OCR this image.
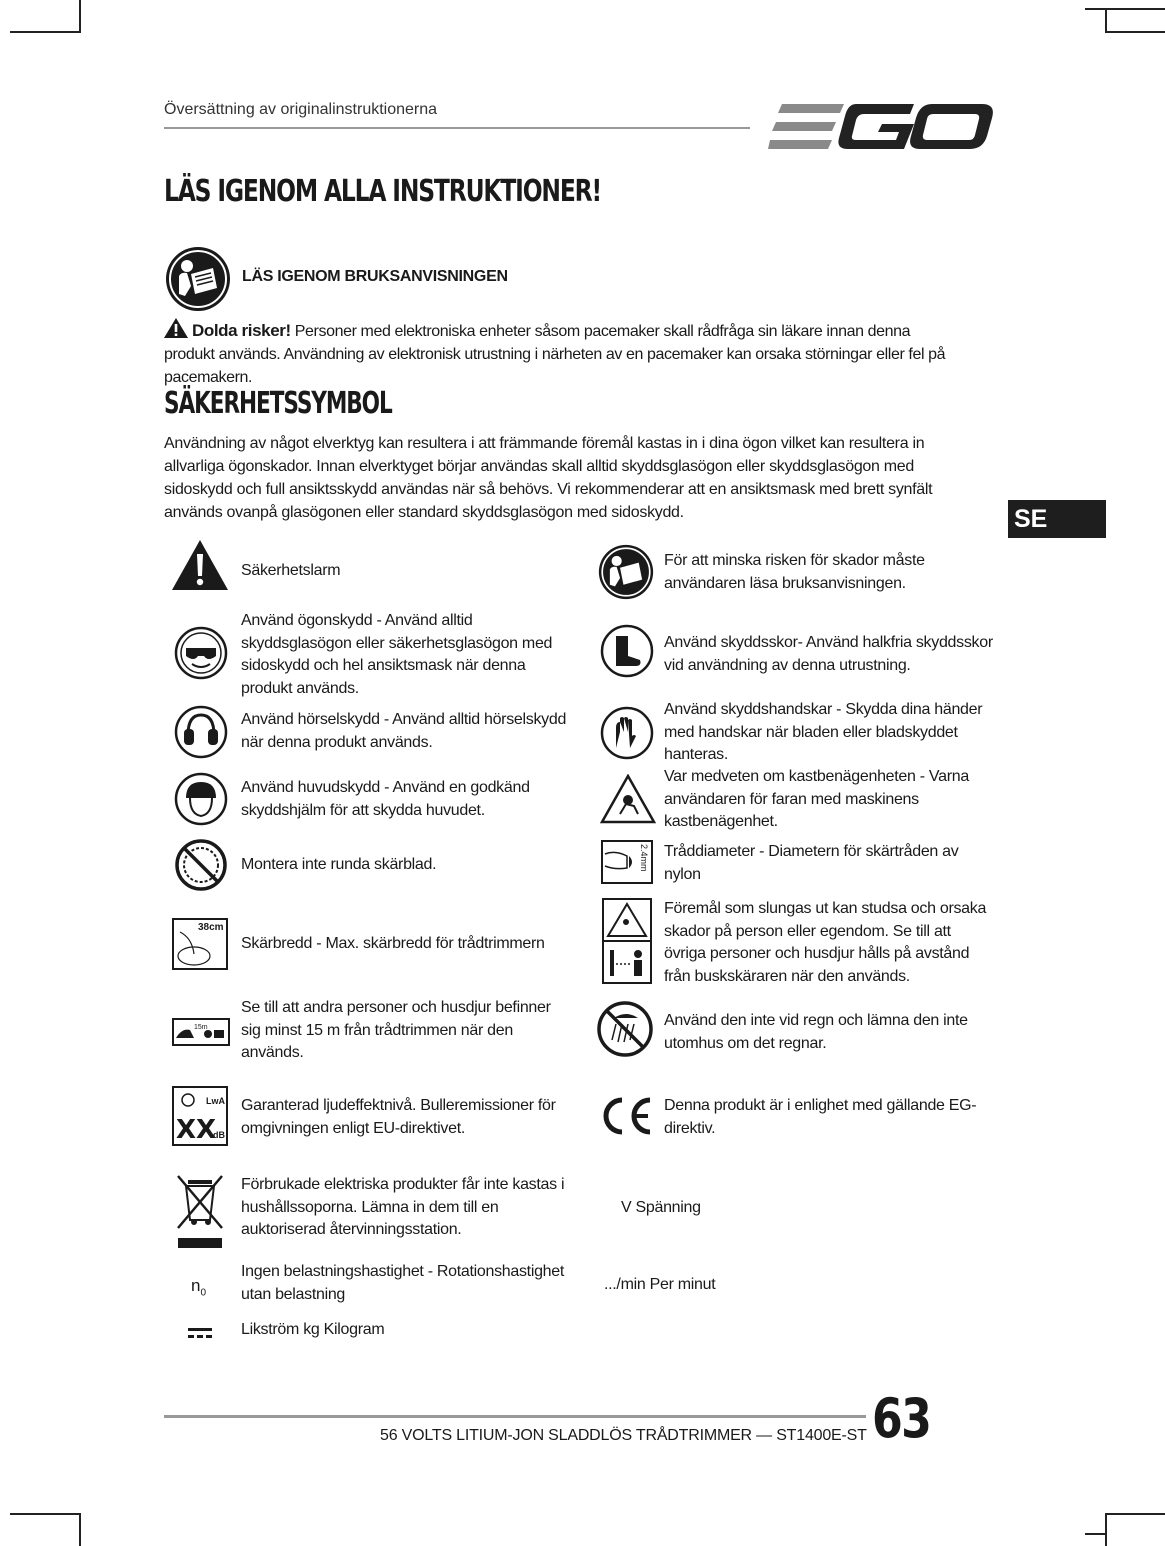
Översättning av originalinstruktionerna
LÄS IGENOM ALLA INSTRUKTIONER!
LÄS IGENOM BRUKSANVISNINGEN
Dolda risker! Personer med elektroniska enheter såsom pacemaker skall rådfråga sin läkare innan denna produkt används. Användning av elektronisk utrustning i närheten av en pacemaker kan orsaka störningar eller fel på pacemakern.
SÄKERHETSSYMBOL
Användning av något elverktyg kan resultera i att främmande föremål kastas in i dina ögon vilket kan resultera in allvarliga ögonskador. Innan elverktyget börjar användas skall alltid skyddsglasögon eller skyddsglasögon med sidoskydd och full ansiktsskydd användas när så behövs. Vi rekommenderar att en ansiktsmask med brett synfält används ovanpå glasögonen eller standard skyddsglasögon med sidoskydd.	SE
Säkerhetslarm
Använd ögonskydd - Använd alltid skyddsglasögon eller säkerhetsglasögon med sidoskydd och hel ansiktsmask när denna produkt används.
Använd hörselskydd - Använd alltid hörselskydd när denna produkt används.
Använd huvudskydd - Använd en godkänd skyddshjälm för att skydda huvudet.
Montera inte runda skärblad.
38cm
Skärbredd - Max. skärbredd för trådtrimmern
15m
Se till att andra personer och husdjur befinner sig minst 15 m från trådtrimmen när den används.
LwA
XX
dB
Garanterad ljudeffektnivå. Bulleremissioner för omgivningen enligt EU-direktivet.
Förbrukade elektriska produkter får inte kastas i hushållssoporna. Lämna in dem till en auktoriserad återvinningsstation.
$n_0$
Ingen belastningshastighet - Rotationshastighet utan belastning
Likström kg Kilogram
För att minska risken för skador måste användaren läsa bruksanvisningen.
Använd skyddsskor- Använd halkfria skyddsskor vid användning av denna utrustning.
Använd skyddshandskar - Skydda dina händer med handskar när bladen eller bladskyddet hanteras.
Var medveten om kastbenägenheten - Varna användaren för faran med maskinens kastbenägenhet.
2.4mm Tråddiameter - Diametern för skärtråden av nylon
Föremål som slungas ut kan studsa och orsaka skador på person eller egendom. Se till att övriga personer och husdjur hålls på avstånd från buskskäraren när den används.
Använd den inte vid regn och lämna den inte utomhus om det regnar.
Denna produkt är i enlighet med gällande EG-direktiv.
V Spänning
.../min Per minut
56 VOLTS LITIUM-JON SLADDLÖS TRÅDTRIMMER — ST1400E-ST 63
